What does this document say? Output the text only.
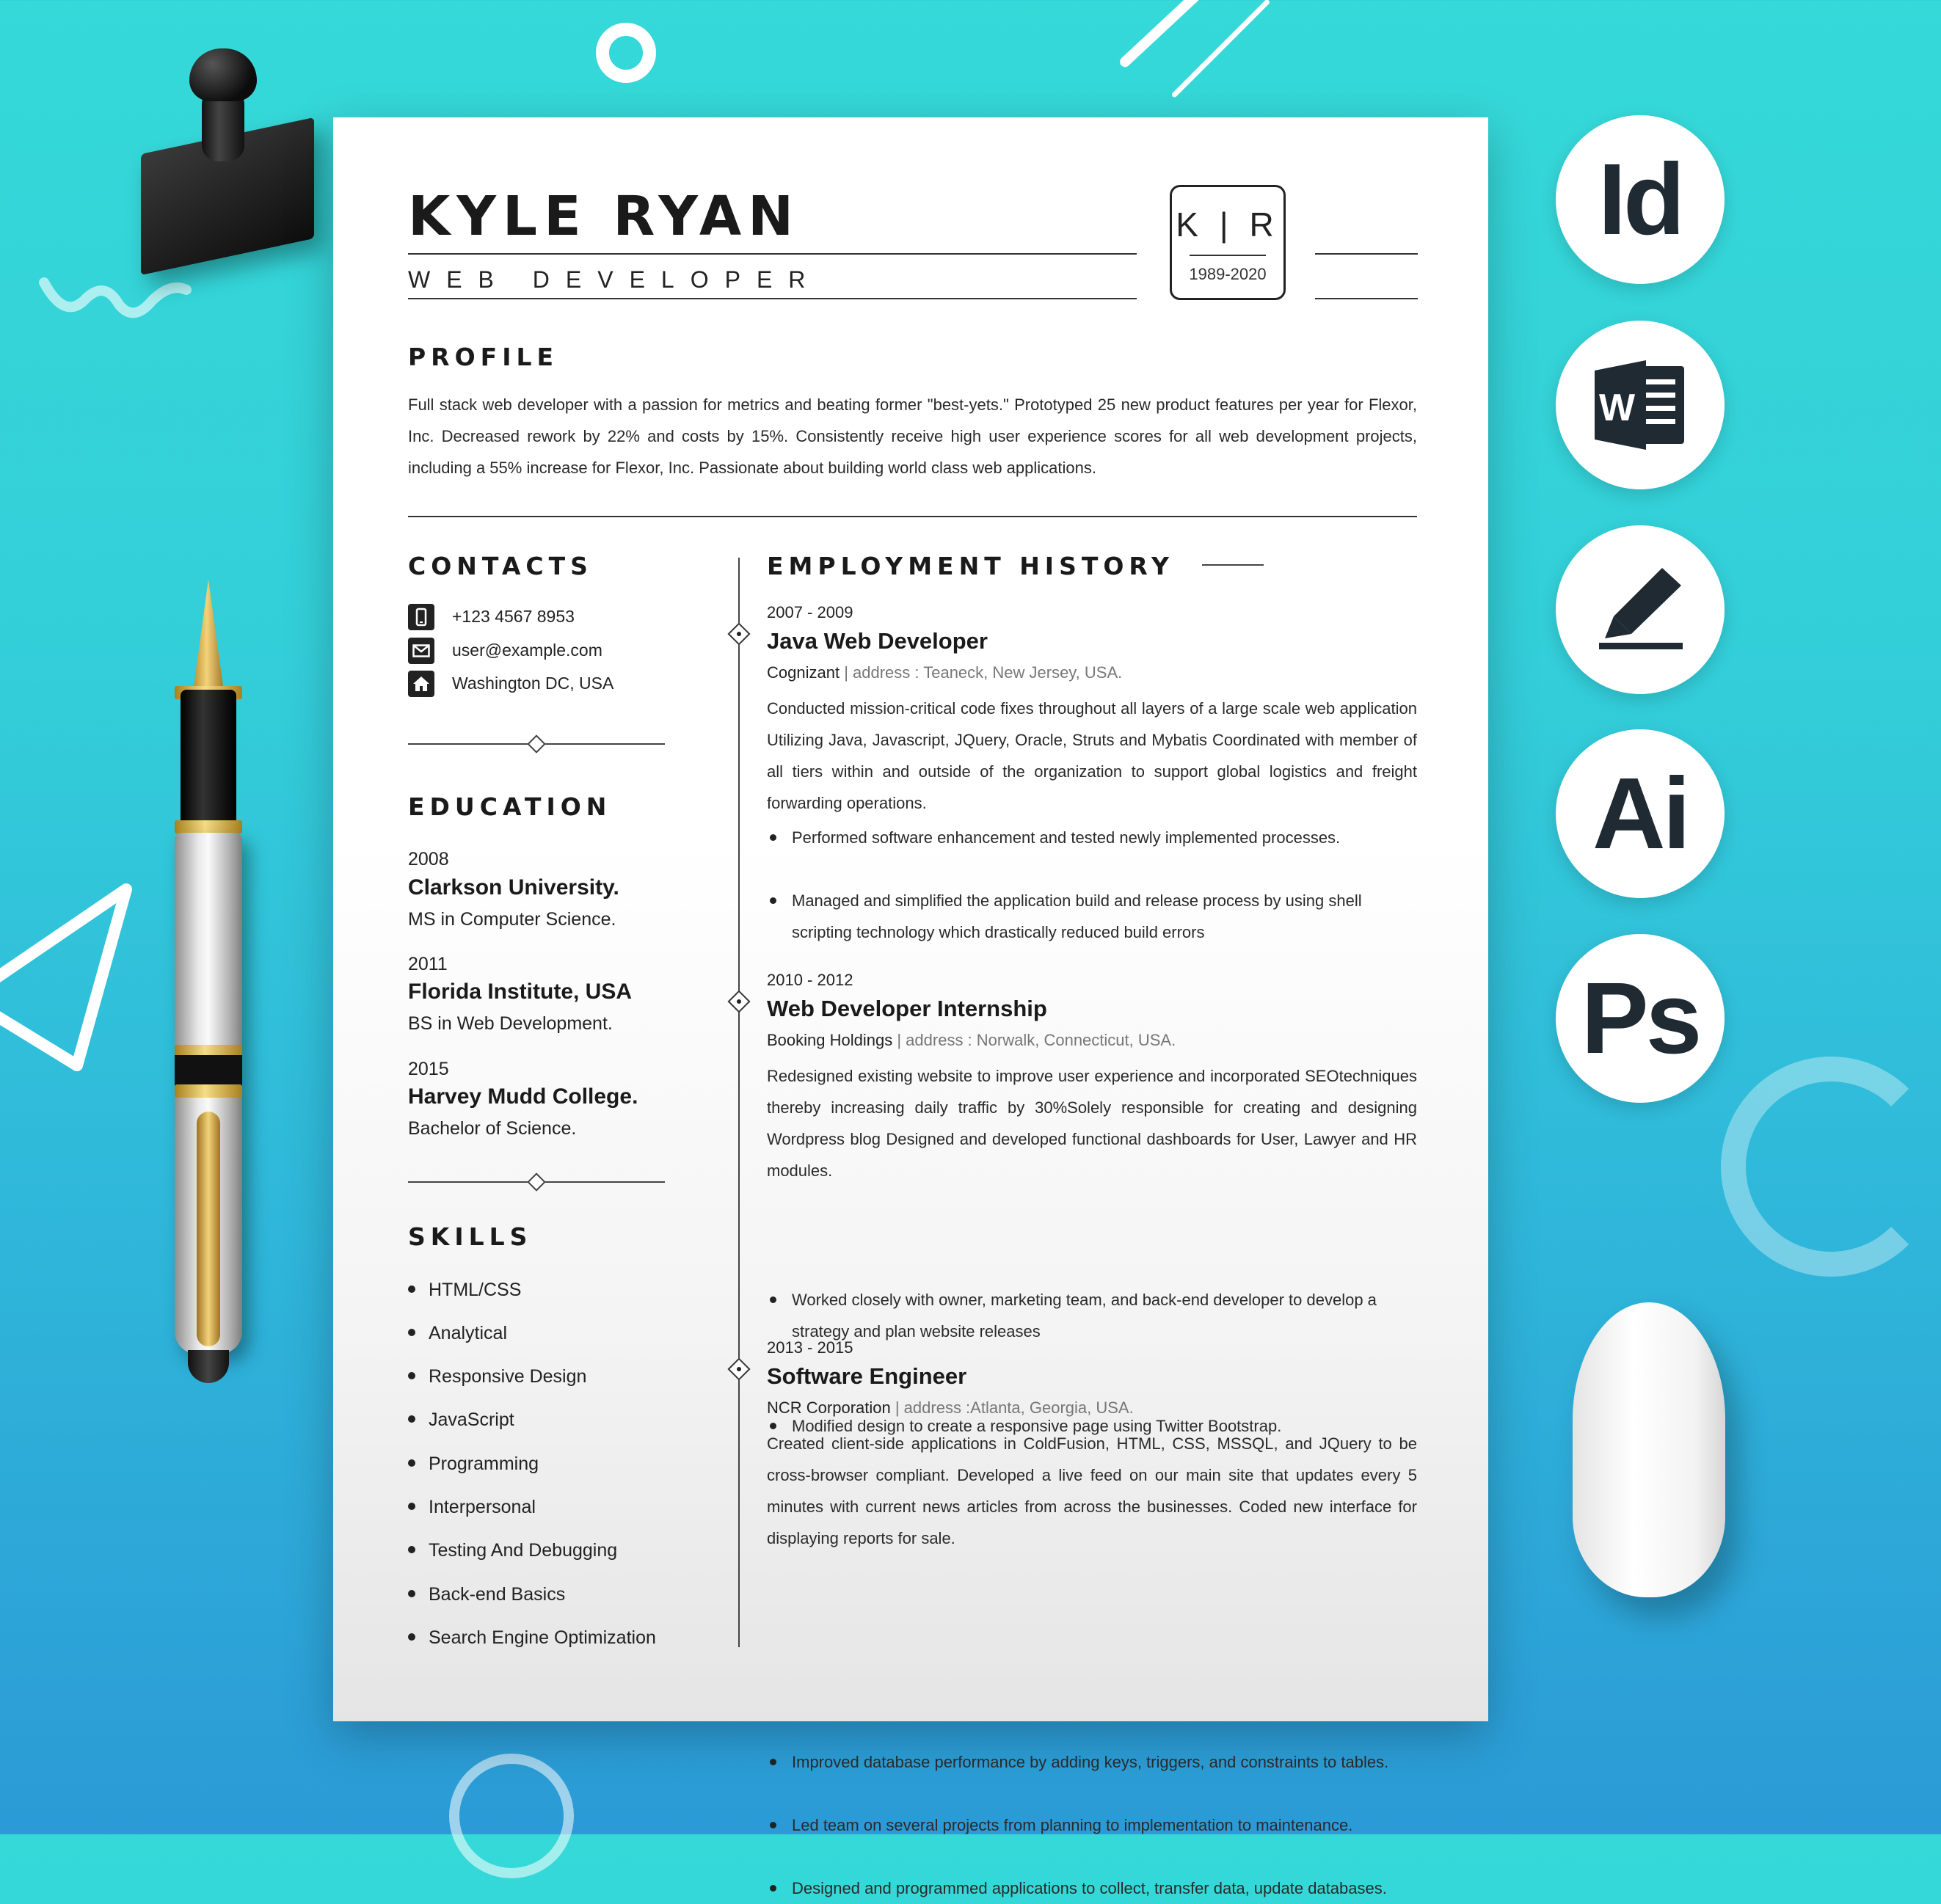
Id
W
Ai
Ps
KYLE RYAN
WEB DEVELOPER
K | R
1989-2020
PROFILE
Full stack web developer with a passion for metrics and beating former "best-yets." Prototyped 25 new product features per year for Flexor, Inc. Decreased rework by 22% and costs by 15%. Consistently receive high user experience scores for all web development projects, including a 55% increase for Flexor, Inc. Passionate about building world class web applications.
CONTACTS
+123 4567 8953
user@example.com
Washington DC, USA
EDUCATION
2008
Clarkson University.
MS in Computer Science.
2011
Florida Institute, USA
BS in Web Development.
2015
Harvey Mudd College.
Bachelor of Science.
SKILLS
HTML/CSS
Analytical
Responsive Design
JavaScript
Programming
Interpersonal
Testing And Debugging
Back-end Basics
Search Engine Optimization
EMPLOYMENT HISTORY
2007 - 2009
Java Web Developer
Cognizant | address : Teaneck, New Jersey, USA.
Conducted mission-critical code fixes throughout all layers of a large scale web application Utilizing Java, Javascript, JQuery, Oracle, Struts and Mybatis Coordinated with member of all tiers within and outside of the organization to support global logistics and freight forwarding operations.
Performed software enhancement and tested newly implemented processes.
Managed and simplified the application build and release process by using shell scripting technology which drastically reduced build errors
2010 - 2012
Web Developer Internship
Booking Holdings | address : Norwalk, Connecticut, USA.
Redesigned existing website to improve user experience and incorporated SEOtechniques thereby increasing daily traffic by 30%Solely responsible for creating and designing Wordpress blog Designed and developed functional dashboards for User, Lawyer and HR modules.
Worked closely with owner, marketing team, and back-end developer to develop a strategy and plan website releases
Modified design to create a responsive page using Twitter Bootstrap.
2013 - 2015
Software Engineer
NCR Corporation | address :Atlanta, Georgia, USA.
Created client-side applications in ColdFusion, HTML, CSS, MSSQL, and JQuery to be cross-browser compliant. Developed a live feed on our main site that updates every 5 minutes with current news articles from across the businesses. Coded new interface for displaying reports for sale.
Improved database performance by adding keys, triggers, and constraints to tables.
Led team on several projects from planning to implementation to maintenance.
Designed and programmed applications to collect, transfer data, update databases.
